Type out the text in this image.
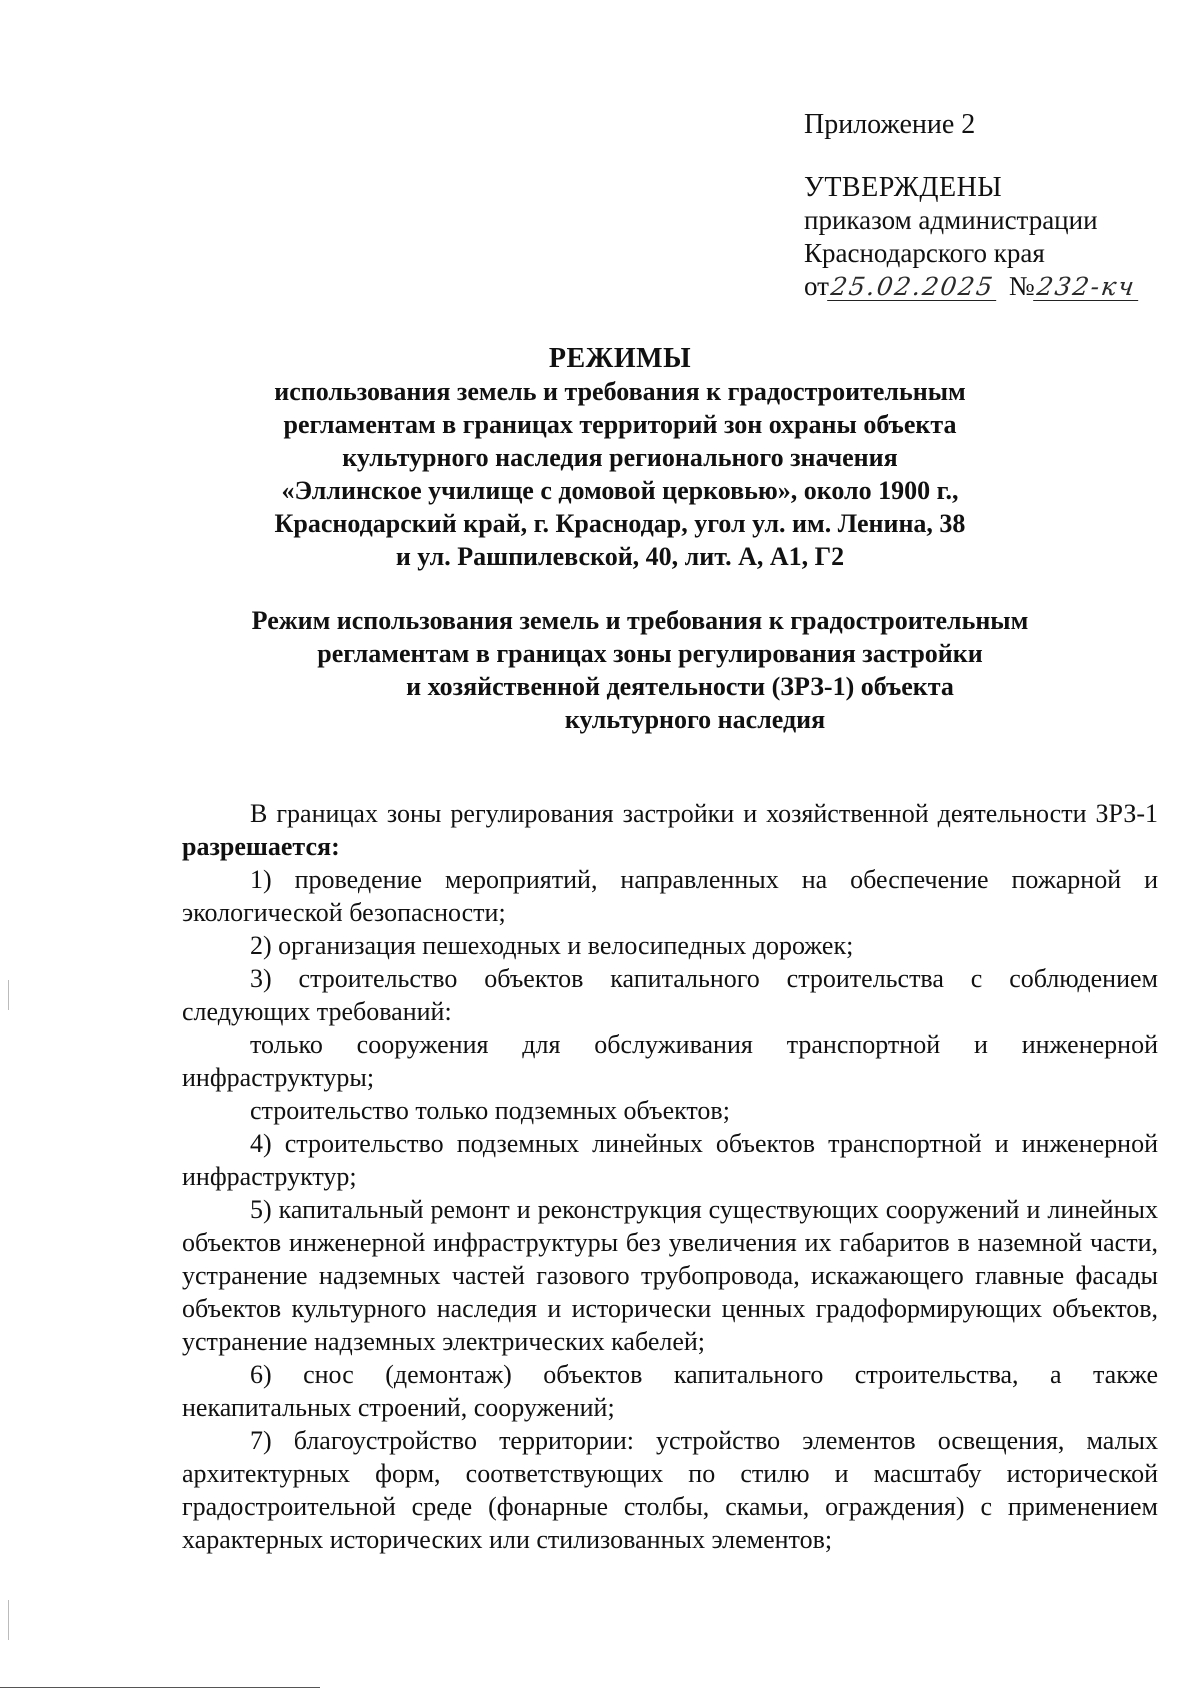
Приложение 2
УТВЕРЖДЕНЫ
приказом администрации
Краснодарского края
от25.02.2025 №232-кч
РЕЖИМЫ
использования земель и требования к градостроительным
регламентам в границах территорий зон охраны объекта
культурного наследия регионального значения
«Эллинское училище с домовой церковью», около 1900 г.,
Краснодарский край, г. Краснодар, угол ул. им. Ленина, 38
и ул. Рашпилевской, 40, лит. А, А1, Г2
Режим использования земель и требования к градостроительным
регламентам в границах зоны регулирования застройки
и хозяйственной деятельности (ЗРЗ-1) объекта
культурного наследия

В границах зоны регулирования застройки и хозяйственной деятельности ЗРЗ-1 разрешается:

1) проведение мероприятий, направленных на обеспечение пожарной и экологической безопасности;

2) организация пешеходных и велосипедных дорожек;

3) строительство объектов капитального строительства с соблюдением следующих требований:

только сооружения для обслуживания транспортной и инженерной инфраструктуры;

строительство только подземных объектов;

4) строительство подземных линейных объектов транспортной и инженерной инфраструктур;

5) капитальный ремонт и реконструкция существующих сооружений и линейных объектов инженерной инфраструктуры без увеличения их габаритов в наземной части, устранение надземных частей газового трубопровода, искажающего главные фасады объектов культурного наследия и исторически ценных градоформирующих объектов, устранение надземных электрических кабелей;

6) снос (демонтаж) объектов капитального строительства, а также некапитальных строений, сооружений;

7) благоустройство территории: устройство элементов освещения, малых архитектурных форм, соответствующих по стилю и масштабу исторической градостроительной среде (фонарные столбы, скамьи, ограждения) с применением характерных исторических или стилизованных элементов;
